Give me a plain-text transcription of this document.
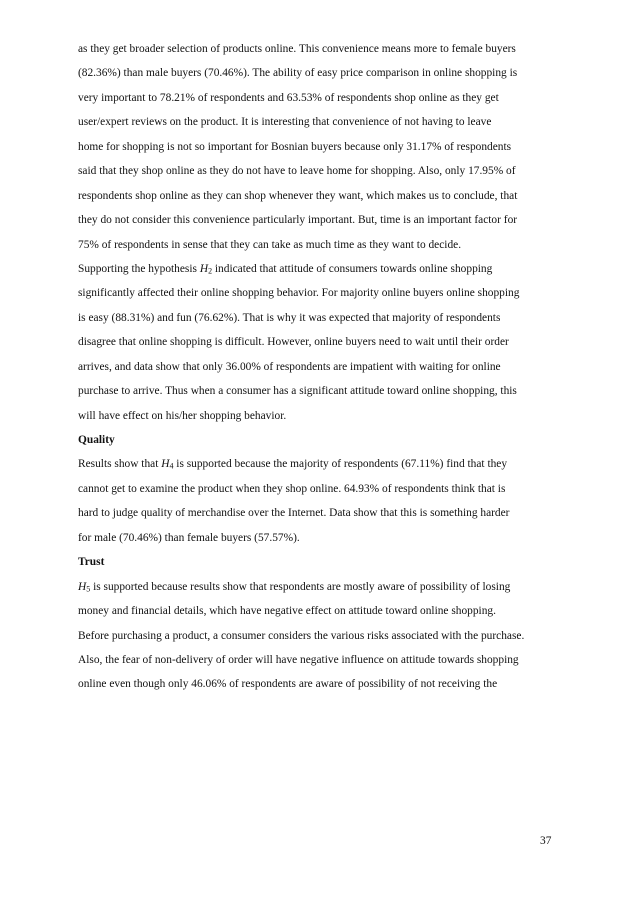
as they get broader selection of products online. This convenience means more to female buyers
(82.36%) than male buyers (70.46%). The ability of easy price comparison in online shopping is
very important to 78.21% of respondents and 63.53% of respondents shop online as they get
user/expert reviews on the product. It is interesting that convenience of not having to leave
home for shopping is not so important for Bosnian buyers because only 31.17% of respondents
said that they shop online as they do not have to leave home for shopping. Also, only 17.95% of
respondents shop online as they can shop whenever they want, which makes us to conclude, that
they do not consider this convenience particularly important. But, time is an important factor for
75% of respondents in sense that they can take as much time as they want to decide.
Supporting the hypothesis $H_2$ indicated that attitude of consumers towards online shopping
significantly affected their online shopping behavior. For majority online buyers online shopping
is easy (88.31%) and fun (76.62%). That is why it was expected that majority of respondents
disagree that online shopping is difficult. However, online buyers need to wait until their order
arrives, and data show that only 36.00% of respondents are impatient with waiting for online
purchase to arrive. Thus when a consumer has a significant attitude toward online shopping, this
will have effect on his/her shopping behavior.
Quality
Results show that $H_4$ is supported because the majority of respondents (67.11%) find that they
cannot get to examine the product when they shop online. 64.93% of respondents think that is
hard to judge quality of merchandise over the Internet. Data show that this is something harder
for male (70.46%) than female buyers (57.57%).
Trust
$H_5$ is supported because results show that respondents are mostly aware of possibility of losing
money and financial details, which have negative effect on attitude toward online shopping.
Before purchasing a product, a consumer considers the various risks associated with the purchase.
Also, the fear of non-delivery of order will have negative influence on attitude towards shopping
online even though only 46.06% of respondents are aware of possibility of not receiving the
37
